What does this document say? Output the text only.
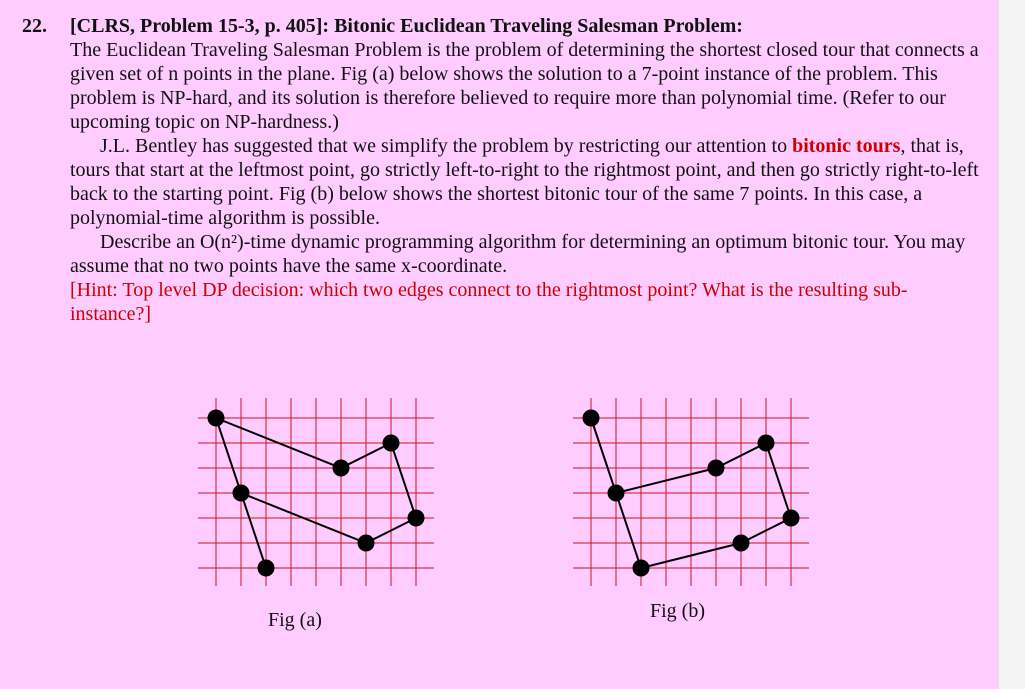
22. [CLRS, Problem 15-3, p. 405]: Bitonic Euclidean Traveling Salesman Problem:
The Euclidean Traveling Salesman Problem is the problem of determining the shortest closed tour that connects a given set of n points in the plane. Fig (a) below shows the solution to a 7-point instance of the problem. This problem is NP-hard, and its solution is therefore believed to require more than polynomial time. (Refer to our upcoming topic on NP-hardness.)
J.L. Bentley has suggested that we simplify the problem by restricting our attention to bitonic tours, that is, tours that start at the leftmost point, go strictly left-to-right to the rightmost point, and then go strictly right-to-left back to the starting point. Fig (b) below shows the shortest bitonic tour of the same 7 points. In this case, a polynomial-time algorithm is possible.
Describe an O(n²)-time dynamic programming algorithm for determining an optimum bitonic tour. You may assume that no two points have the same x-coordinate.
[Hint: Top level DP decision: which two edges connect to the rightmost point? What is the resulting sub-instance?]
Fig (a)	Fig (b)
